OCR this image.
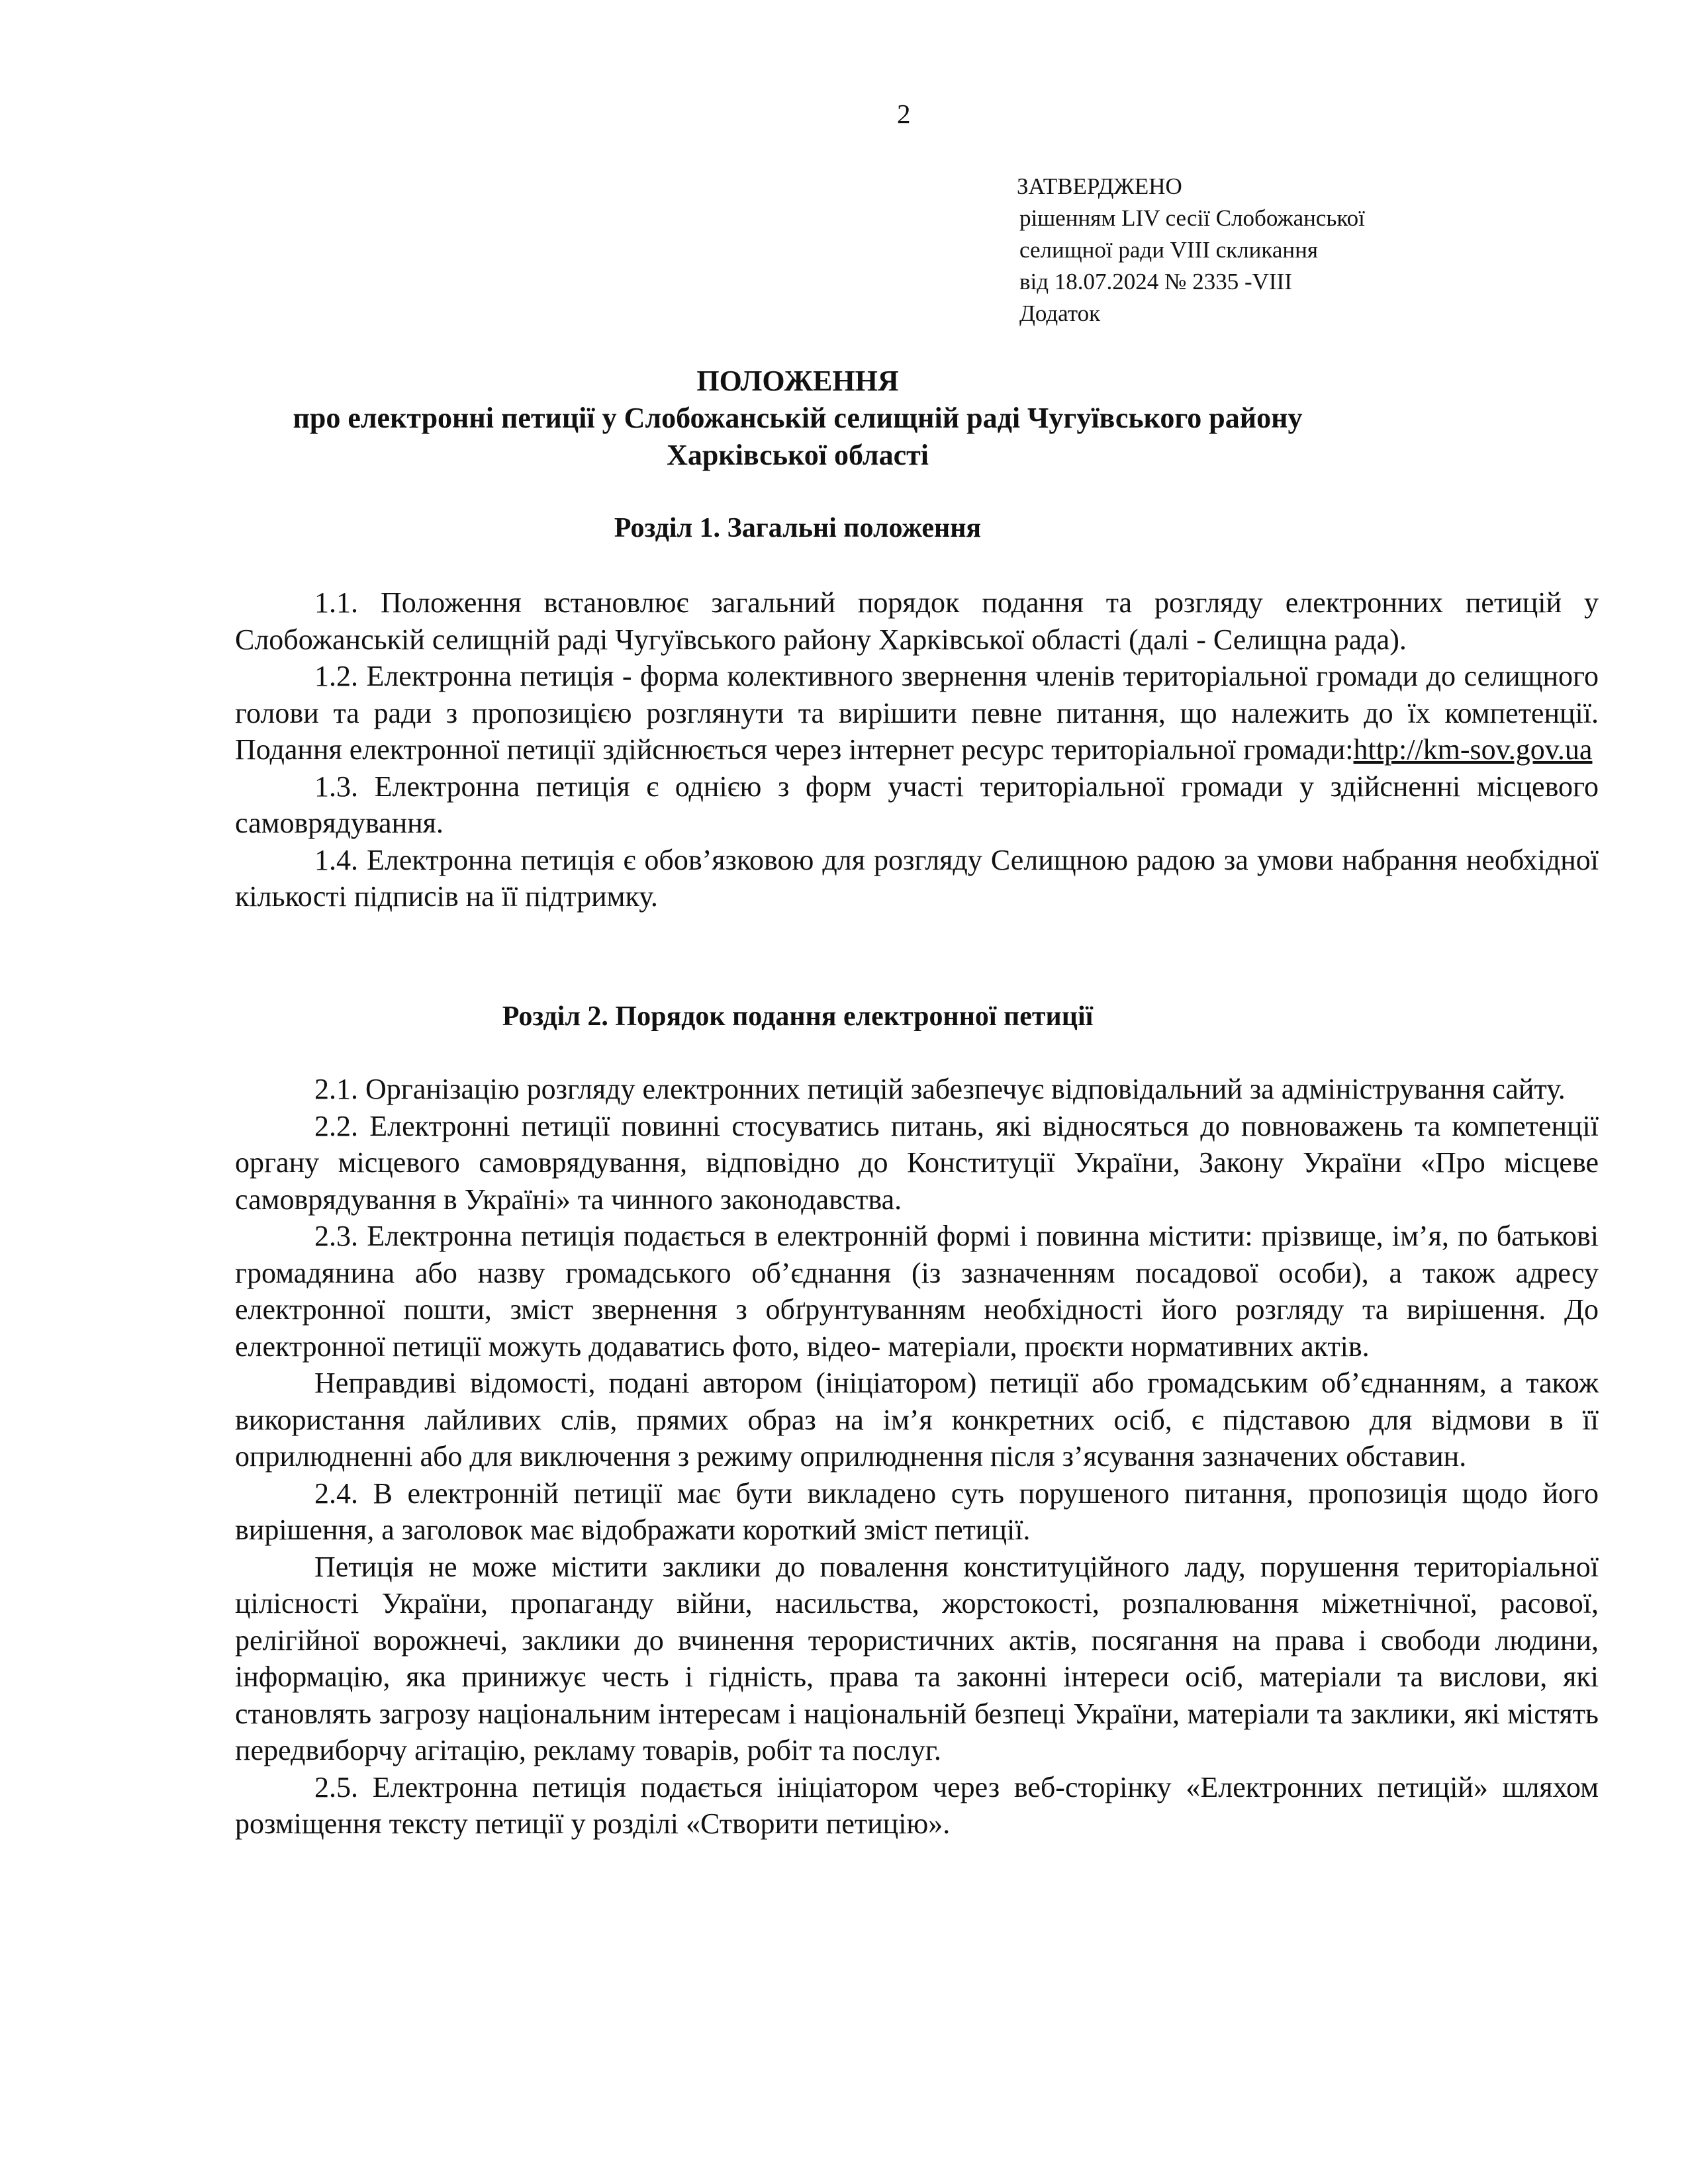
2
ЗАТВЕРДЖЕНО
рішенням LIV сесії Слобожанської
селищної ради VIII скликання
від 18.07.2024 № 2335 -VIII
Додаток
ПОЛОЖЕННЯ
про електронні петиції у Слобожанській селищній раді Чугуївського району
Харківської області
Розділ 1. Загальні положення

1.1. Положення встановлює загальний порядок подання та розгляду електронних петицій у Слобожанській селищній раді Чугуївського району Харківської області (далі - Селищна рада).

1.2. Електронна петиція - форма колективного звернення членів територіальної громади до селищного голови та ради з пропозицією розглянути та вирішити певне питання, що належить до їх компетенції. Подання електронної петиції здійснюється через інтернет ресурс територіальної громади:http://km-sov.gov.ua

1.3. Електронна петиція є однією з форм участі територіальної громади у здійсненні місцевого самоврядування.

1.4. Електронна петиція є обов’язковою для розгляду Селищною радою за умови набрання необхідної кількості підписів на її підтримку.

Розділ 2. Порядок подання електронної петиції

2.1. Організацію розгляду електронних петицій забезпечує відповідальний за адміністрування сайту.

2.2. Електронні петиції повинні стосуватись питань, які відносяться до повноважень та компетенції органу місцевого самоврядування, відповідно до Конституції України, Закону України «Про місцеве самоврядування в Україні» та чинного законодавства.

2.3. Електронна петиція подається в електронній формі і повинна містити: прізвище, ім’я, по батькові громадянина або назву громадського об’єднання (із зазначенням посадової особи), а також адресу електронної пошти, зміст звернення з обґрунтуванням необхідності його розгляду та вирішення. До електронної петиції можуть додаватись фото, відео- матеріали, проєкти нормативних актів.

Неправдиві відомості, подані автором (ініціатором) петиції або громадським об’єднанням, а також використання лайливих слів, прямих образ на ім’я конкретних осіб, є підставою для відмови в її оприлюдненні або для виключення з режиму оприлюднення після з’ясування зазначених обставин.

2.4. В електронній петиції має бути викладено суть порушеного питання, пропозиція щодо його вирішення, а заголовок має відображати короткий зміст петиції.

Петиція не може містити заклики до повалення конституційного ладу, порушення територіальної цілісності України, пропаганду війни, насильства, жорстокості, розпалювання міжетнічної, расової, релігійної ворожнечі, заклики до вчинення терористичних актів, посягання на права і свободи людини, інформацію, яка принижує честь і гідність, права та законні інтереси осіб, матеріали та вислови, які становлять загрозу національним інтересам і національній безпеці України, матеріали та заклики, які містять передвиборчу агітацію, рекламу товарів, робіт та послуг.

2.5. Електронна петиція подається ініціатором через веб-сторінку «Електронних петицій» шляхом розміщення тексту петиції у розділі «Створити петицію».
